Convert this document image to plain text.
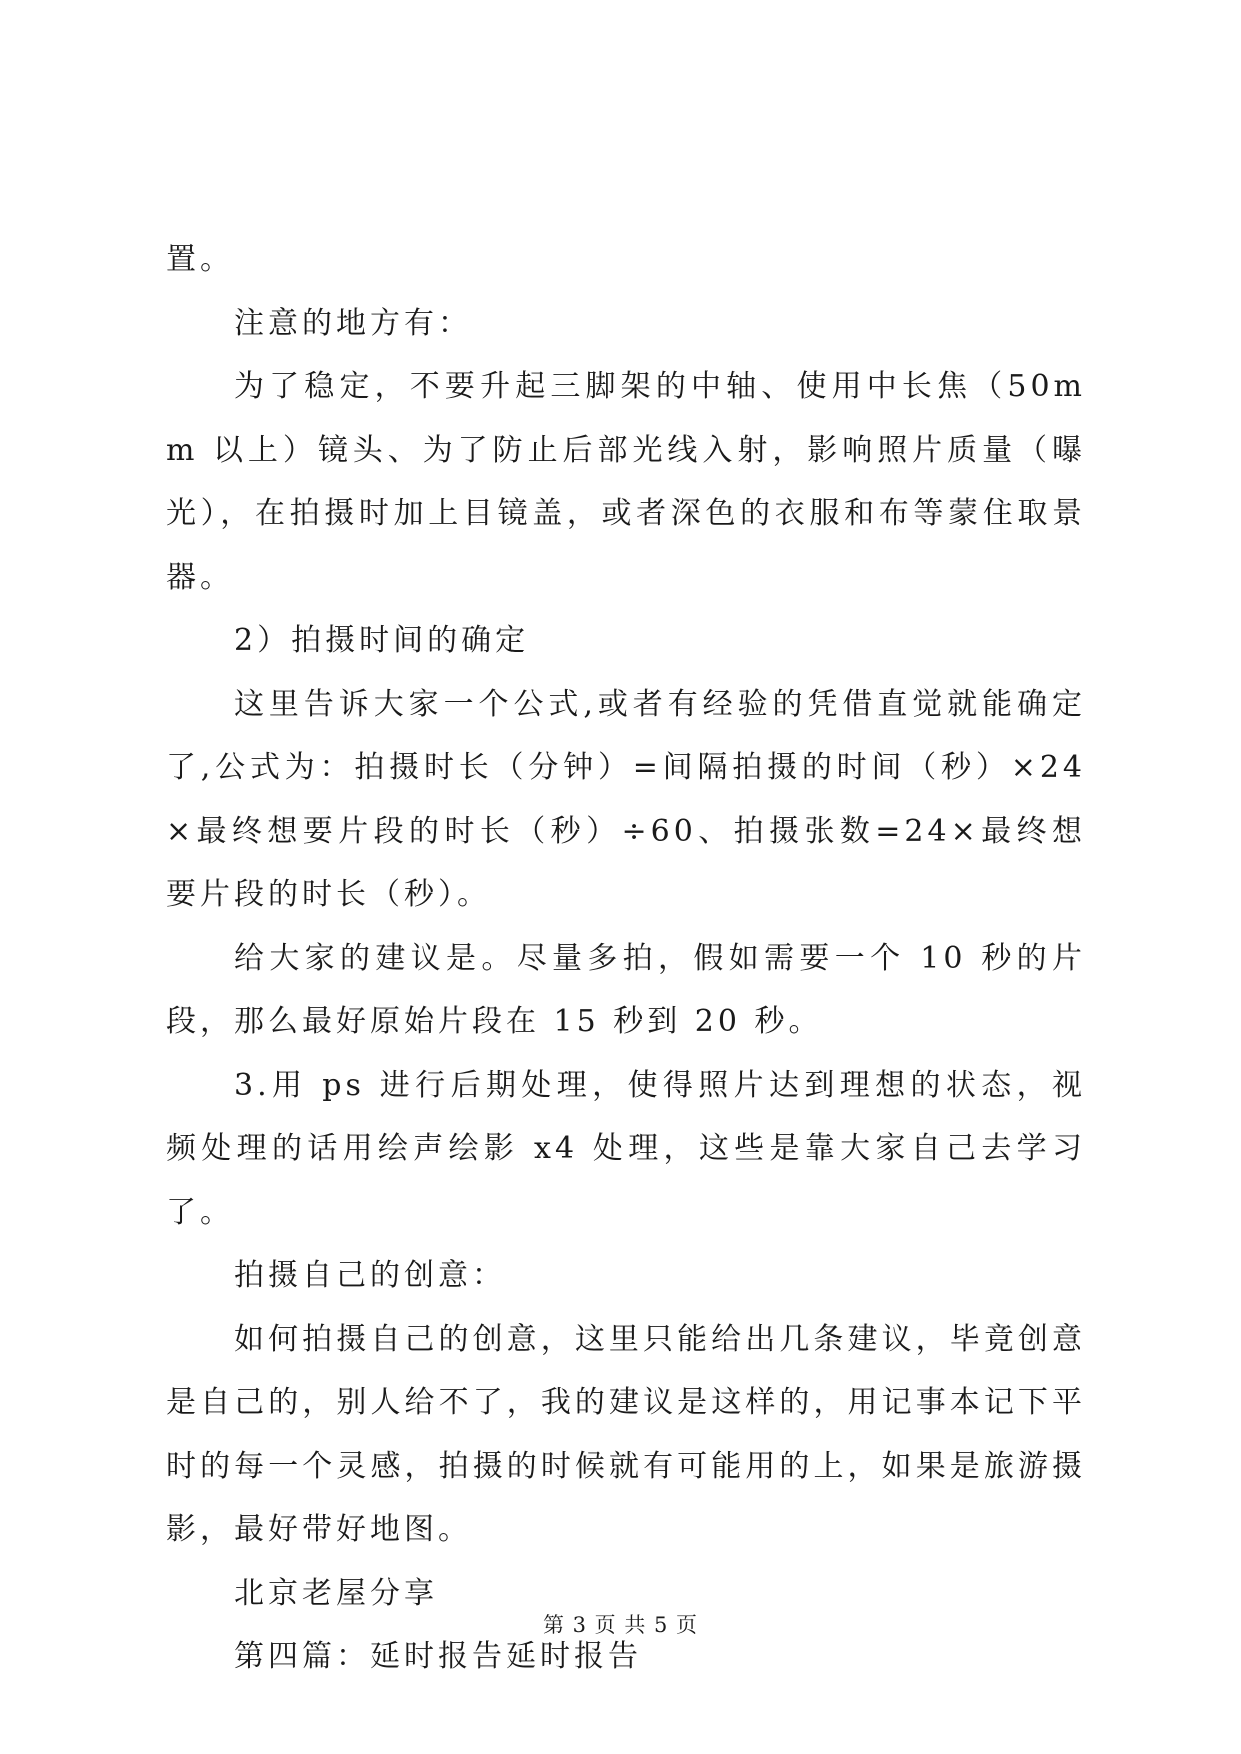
置。

注意的地方有：

为了稳定，不要升起三脚架的中轴、使用中长焦（50mm 以上）镜头、为了防止后部光线入射，影响照片质量（曝光），在拍摄时加上目镜盖，或者深色的衣服和布等蒙住取景器。

2）拍摄时间的确定

这里告诉大家一个公式,或者有经验的凭借直觉就能确定了,公式为：拍摄时长（分钟）=间隔拍摄的时间（秒）×24×最终想要片段的时长（秒）÷60、拍摄张数=24×最终想要片段的时长（秒）。

给大家的建议是。尽量多拍，假如需要一个 10 秒的片段，那么最好原始片段在 15 秒到 20 秒。

3.用 ps 进行后期处理，使得照片达到理想的状态，视频处理的话用绘声绘影 x4 处理，这些是靠大家自己去学习了。

拍摄自己的创意：

如何拍摄自己的创意，这里只能给出几条建议，毕竟创意是自己的，别人给不了，我的建议是这样的，用记事本记下平时的每一个灵感，拍摄的时候就有可能用的上，如果是旅游摄影，最好带好地图。

北京老屋分享

第四篇：延时报告延时报告

第 3 页 共 5 页
